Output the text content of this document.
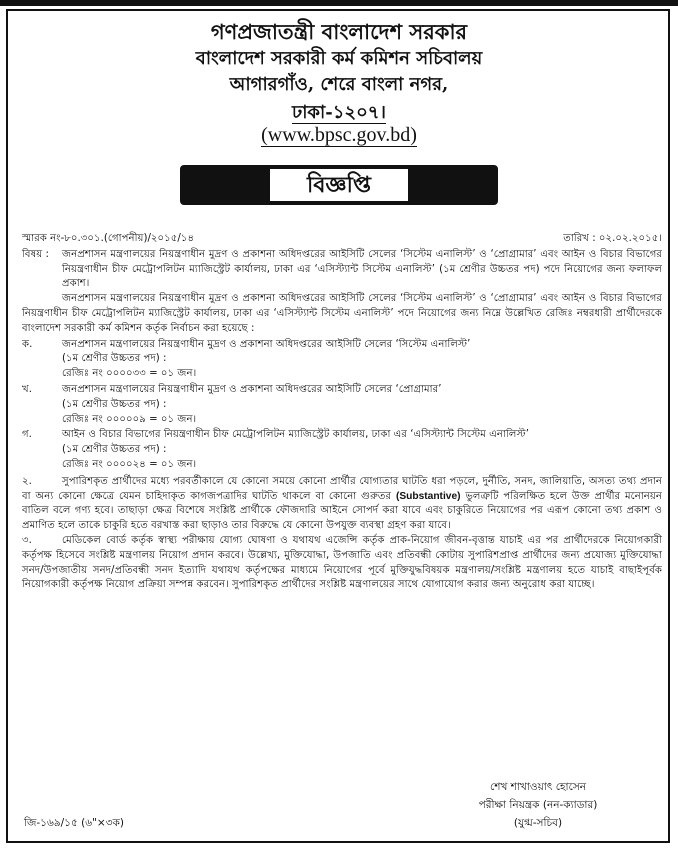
গণপ্রজাতন্ত্রী বাংলাদেশ সরকার
বাংলাদেশ সরকারী কর্ম কমিশন সচিবালয়
আগারগাঁও, শেরে বাংলা নগর,
ঢাকা-১২০৭।
(www.bpsc.gov.bd)
বিজ্ঞপ্তি
স্মারক নং-৮০.৩০১.(গোপনীয়)/২০১৫/১৪	তারিখ : ০২.০২.২০১৫।
বিষয় :	জনপ্রশাসন মন্ত্রণালয়ের নিয়ন্ত্রণাধীন মুদ্রণ ও প্রকাশনা অধিদপ্তরের আইসিটি সেলের ‘সিস্টেম এনালিস্ট’ ও ‘প্রোগ্রামার’ এবং আইন ও বিচার বিভাগের নিয়ন্ত্রণাধীন চীফ মেট্রোপলিটন ম্যাজিস্ট্রেট কার্যালয়, ঢাকা এর ‘এসিস্ট্যান্ট সিস্টেম এনালিস্ট’ (১ম শ্রেণীর উচ্চতর পদ) পদে নিয়োগের জন্য ফলাফল প্রকাশ।

জনপ্রশাসন মন্ত্রণালয়ের নিয়ন্ত্রণাধীন মুদ্রণ ও প্রকাশনা অধিদপ্তরের আইসিটি সেলের ‘সিস্টেম এনালিস্ট’ ও ‘প্রোগ্রামার’ এবং আইন ও বিচার বিভাগের নিয়ন্ত্রণাধীন চীফ মেট্রোপলিটন ম্যাজিস্ট্রেট কার্যালয়, ঢাকা এর ‘এসিস্ট্যান্ট সিস্টেম এনালিস্ট’ পদে নিয়োগের জন্য নিম্নে উল্লেখিত রেজিঃ নম্বরধারী প্রার্থীদেরকে বাংলাদেশ সরকারী কর্ম কমিশন কর্তৃক নির্বাচন করা হয়েছে :

ক.	জনপ্রশাসন মন্ত্রণালয়ের নিয়ন্ত্রণাধীন মুদ্রণ ও প্রকাশনা অধিদপ্তরের আইসিটি সেলের ‘সিস্টেম এনালিস্ট’
(১ম শ্রেণীর উচ্চতর পদ) :
রেজিঃ নং ০০০০৩৩ = ০১ জন।
খ.	জনপ্রশাসন মন্ত্রণালয়ের নিয়ন্ত্রণাধীন মুদ্রণ ও প্রকাশনা অধিদপ্তরের আইসিটি সেলের ‘প্রোগ্রামার’
(১ম শ্রেণীর উচ্চতর পদ) :
রেজিঃ নং ০০০০০৯ = ০১ জন।
গ.	আইন ও বিচার বিভাগের নিয়ন্ত্রণাধীন চীফ মেট্রোপলিটন ম্যাজিস্ট্রেট কার্যালয়, ঢাকা এর ‘এসিস্ট্যান্ট সিস্টেম এনালিস্ট’
(১ম শ্রেণীর উচ্চতর পদ) :
রেজিঃ নং ০০০০২৪ = ০১ জন।

২.	সুপারিশকৃত প্রার্থীদের মধ্যে পরবর্তীকালে যে কোনো সময়ে কোনো প্রার্থীর যোগ্যতার ঘাটতি ধরা পড়লে, দুর্নীতি, সনদ, জালিয়াতি, অসত্য তথ্য প্রদান বা অন্য কোনো ক্ষেত্রে যেমন চাহিদাকৃত কাগজপত্রাদির ঘাটতি থাকলে বা কোনো গুরুতর (Substantive) ভুলত্রুটি পরিলক্ষিত হলে উক্ত প্রার্থীর মনোনয়ন বাতিল বলে গণ্য হবে। তাছাড়া ক্ষেত্র বিশেষে সংশ্লিষ্ট প্রার্থীকে ফৌজদারি আইনে সোপর্দ করা যাবে এবং চাকুরিতে নিয়োগের পর এরূপ কোনো তথ্য প্রকাশ ও প্রমাণিত হলে তাকে চাকুরি হতে বরখাস্ত করা ছাড়াও তার বিরুদ্ধে যে কোনো উপযুক্ত ব্যবস্থা গ্রহণ করা যাবে।

৩.	মেডিকেল বোর্ড কর্তৃক স্বাস্থ্য পরীক্ষায় যোগ্য ঘোষণা ও যথাযথ এজেন্সি কর্তৃক প্রাক-নিয়োগ জীবন-বৃত্তান্ত যাচাই এর পর প্রার্থীদেরকে নিয়োগকারী কর্তৃপক্ষ হিসেবে সংশ্লিষ্ট মন্ত্রণালয় নিয়োগ প্রদান করবে। উল্লেখ্য, মুক্তিযোদ্ধা, উপজাতি এবং প্রতিবন্ধী কোটায় সুপারিশপ্রাপ্ত প্রার্থীদের জন্য প্রযোজ্য মুক্তিযোদ্ধা সনদ/উপজাতীয় সনদ/প্রতিবন্ধী সনদ ইত্যাদি যথাযথ কর্তৃপক্ষের মাধ্যমে নিয়োগের পূর্বে মুক্তিযুদ্ধবিষয়ক মন্ত্রণালয়/সংশ্লিষ্ট মন্ত্রণালয় হতে যাচাই বাছাইপূর্বক নিয়োগকারী কর্তৃপক্ষ নিয়োগ প্রক্রিয়া সম্পন্ন করবেন। সুপারিশকৃত প্রার্থীদের সংশ্লিষ্ট মন্ত্রণালয়ের সাথে যোগাযোগ করার জন্য অনুরোধ করা যাচ্ছে।

শেখ শাখাওয়াৎ হোসেন
পরীক্ষা নিয়ন্ত্রক (নন-ক্যাডার)
(যুগ্ম-সচিব)
জি-১৬৯/১৫ (৬"×৩ক)
